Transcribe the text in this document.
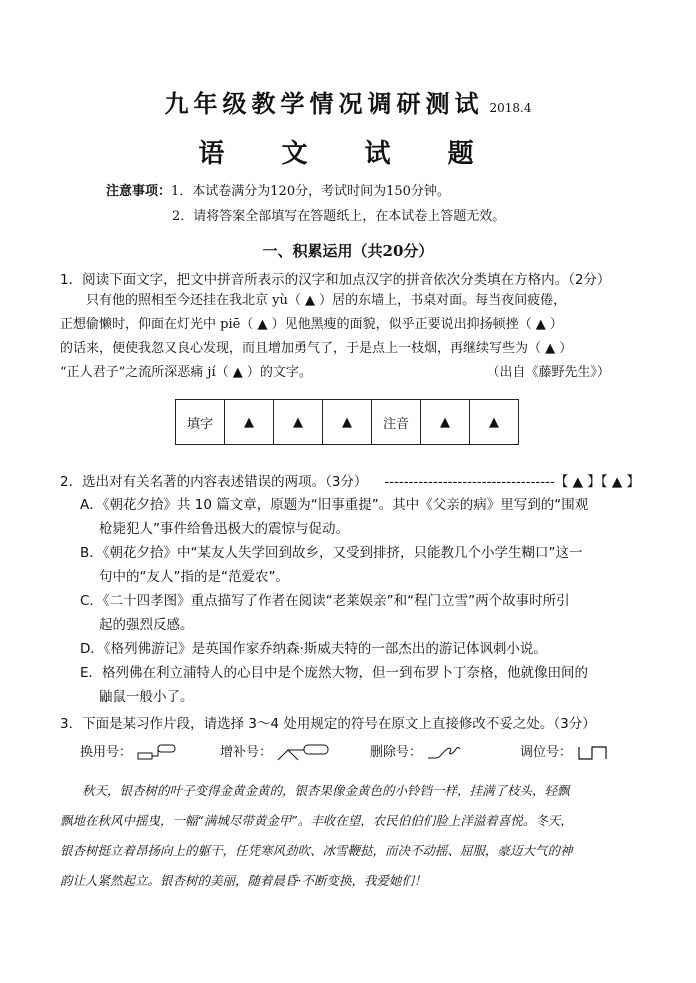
九年级教学情况调研测试 2018.4
语 文 试 题
注意事项：1．本试卷满分为120分，考试时间为150分钟。
2．请将答案全部填写在答题纸上，在本试卷上答题无效。
一、积累运用（共20分）
1．阅读下面文字，把文中拼音所表示的汉字和加点汉字的拼音依次分类填在方格内。（2分）
只有他的照相至今还挂在我北京 yù（ ▲ ）居的东墙上，书桌对面。每当夜间疲倦，
正想偷懒时，仰面在灯光中 piē（ ▲ ）见他黑瘦的面貌，似乎正要说出抑扬顿挫（ ▲ ）
的话来，便使我忽又良心发现，而且增加勇气了，于是点上一枝烟，再继续写些为（ ▲ ）
“正人君子”之流所深恶痛 jí（ ▲ ）的文字。	（出自《藤野先生》）
填字	▲	▲	▲	注音	▲	▲
2．选出对有关名著的内容表述错误的两项。（3分） -----------------------------------【 ▲ 】【 ▲ 】
A．《朝花夕拾》共 10 篇文章，原题为“旧事重提”。其中《父亲的病》里写到的“围观
枪毙犯人”事件给鲁迅极大的震惊与促动。
B．《朝花夕拾》中“某友人失学回到故乡，又受到排挤，只能教几个小学生糊口”这一
句中的“友人”指的是“范爱农”。
C．《二十四孝图》重点描写了作者在阅读“老莱娱亲”和“程门立雪”两个故事时所引
起的强烈反感。
D．《格列佛游记》是英国作家乔纳森·斯威夫特的一部杰出的游记体讽刺小说。
E．格列佛在利立浦特人的心目中是个庞然大物，但一到布罗卜丁奈格，他就像田间的
鼬鼠一般小了。
3．下面是某习作片段，请选择 3～4 处用规定的符号在原文上直接修改不妥之处。（3分）
换用号：	增补号：	删除号：	调位号：
秋天，银杏树的叶子变得金黄金黄的，银杏果像金黄色的小铃铛一样，挂满了枝头，轻飘
飘地在秋风中摇曳，一幅“满城尽带黄金甲”。丰收在望，农民伯伯们脸上洋溢着喜悦。冬天，
银杏树挺立着昂扬向上的躯干，任凭寒风劲吹、冰雪鞭挞，而决不动摇、屈服，豪迈大气的神
韵让人紧然起立。银杏树的美丽，随着晨昏·不断变换，我爱她们！
